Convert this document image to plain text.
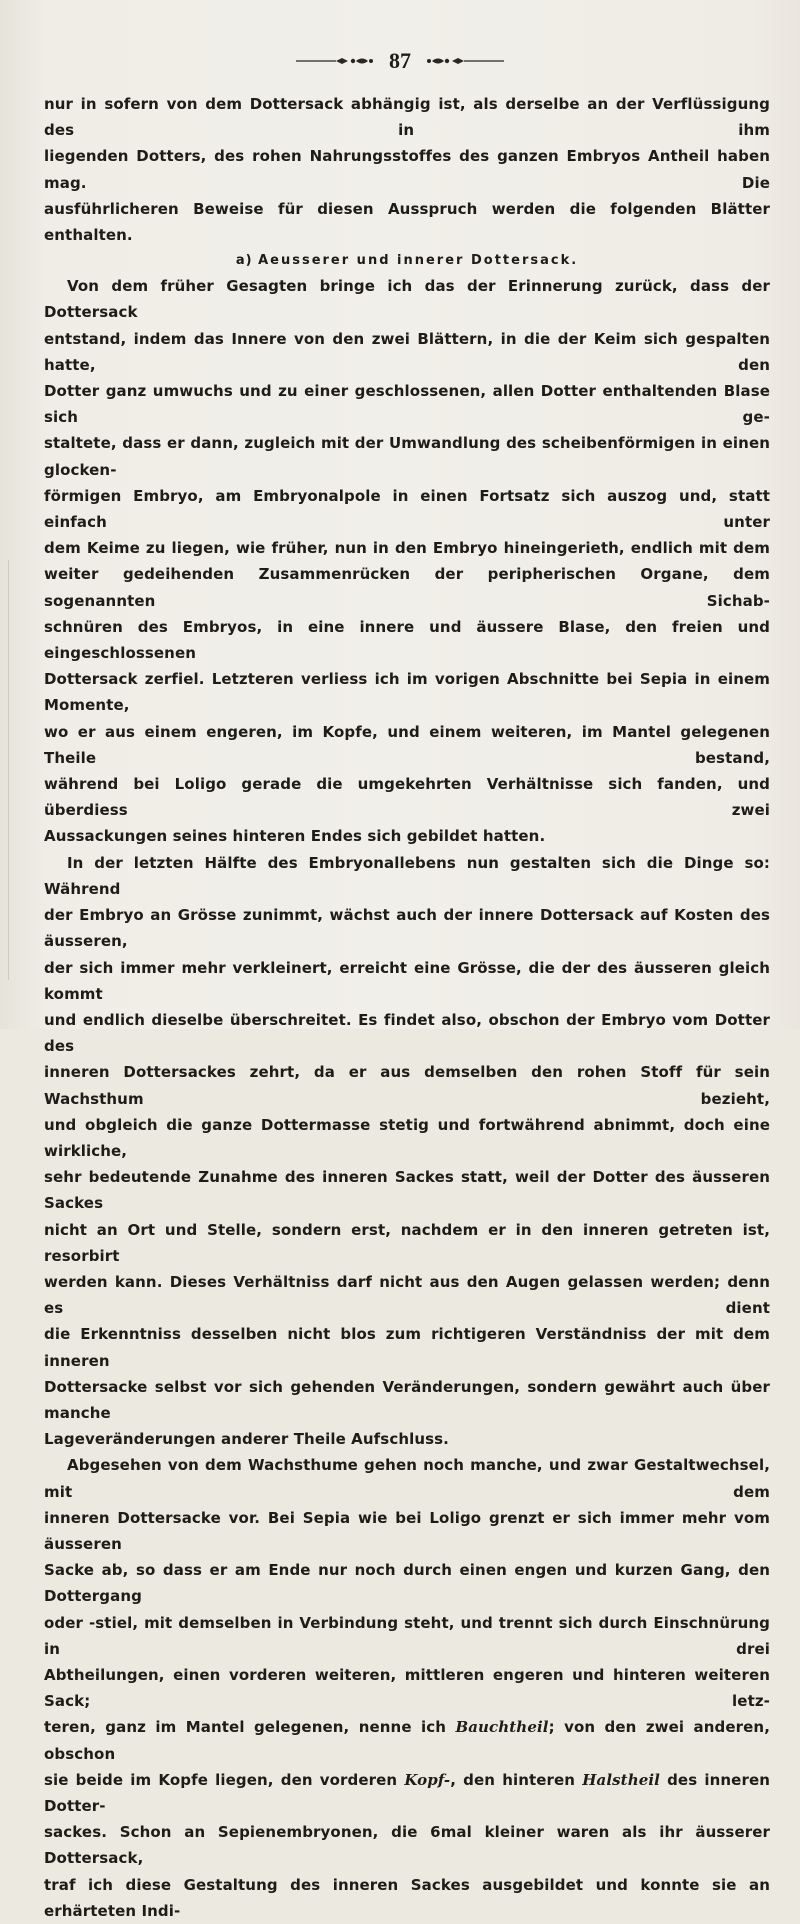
87

nur in sofern von dem Dottersack abhängig ist, als derselbe an der Verflüssigung des in ihm

liegenden Dotters, des rohen Nahrungsstoffes des ganzen Embryos Antheil haben mag. Die

ausführlicheren Beweise für diesen Ausspruch werden die folgenden Blätter enthalten.

a) Aeusserer und innerer Dottersack.

Von dem früher Gesagten bringe ich das der Erinnerung zurück, dass der Dottersack

entstand, indem das Innere von den zwei Blättern, in die der Keim sich gespalten hatte, den

Dotter ganz umwuchs und zu einer geschlossenen, allen Dotter enthaltenden Blase sich ge-

staltete, dass er dann, zugleich mit der Umwandlung des scheibenförmigen in einen glocken-

förmigen Embryo, am Embryonalpole in einen Fortsatz sich auszog und, statt einfach unter

dem Keime zu liegen, wie früher, nun in den Embryo hineingerieth, endlich mit dem

weiter gedeihenden Zusammenrücken der peripherischen Organe, dem sogenannten Sichab-

schnüren des Embryos, in eine innere und äussere Blase, den freien und eingeschlossenen

Dottersack zerfiel. Letzteren verliess ich im vorigen Abschnitte bei Sepia in einem Momente,

wo er aus einem engeren, im Kopfe, und einem weiteren, im Mantel gelegenen Theile bestand,

während bei Loligo gerade die umgekehrten Verhältnisse sich fanden, und überdiess zwei

Aussackungen seines hinteren Endes sich gebildet hatten.

In der letzten Hälfte des Embryonallebens nun gestalten sich die Dinge so: Während

der Embryo an Grösse zunimmt, wächst auch der innere Dottersack auf Kosten des äusseren,

der sich immer mehr verkleinert, erreicht eine Grösse, die der des äusseren gleich kommt

und endlich dieselbe überschreitet. Es findet also, obschon der Embryo vom Dotter des

inneren Dottersackes zehrt, da er aus demselben den rohen Stoff für sein Wachsthum bezieht,

und obgleich die ganze Dottermasse stetig und fortwährend abnimmt, doch eine wirkliche,

sehr bedeutende Zunahme des inneren Sackes statt, weil der Dotter des äusseren Sackes

nicht an Ort und Stelle, sondern erst, nachdem er in den inneren getreten ist, resorbirt

werden kann. Dieses Verhältniss darf nicht aus den Augen gelassen werden; denn es dient

die Erkenntniss desselben nicht blos zum richtigeren Verständniss der mit dem inneren

Dottersacke selbst vor sich gehenden Veränderungen, sondern gewährt auch über manche

Lageveränderungen anderer Theile Aufschluss.

Abgesehen von dem Wachsthume gehen noch manche, und zwar Gestaltwechsel, mit dem

inneren Dottersacke vor. Bei Sepia wie bei Loligo grenzt er sich immer mehr vom äusseren

Sacke ab, so dass er am Ende nur noch durch einen engen und kurzen Gang, den Dottergang

oder -stiel, mit demselben in Verbindung steht, und trennt sich durch Einschnürung in drei

Abtheilungen, einen vorderen weiteren, mittleren engeren und hinteren weiteren Sack; letz-

teren, ganz im Mantel gelegenen, nenne ich Bauchtheil; von den zwei anderen, obschon

sie beide im Kopfe liegen, den vorderen Kopf-, den hinteren Halstheil des inneren Dotter-

sackes. Schon an Sepienembryonen, die 6mal kleiner waren als ihr äusserer Dottersack,

traf ich diese Gestaltung des inneren Sackes ausgebildet und konnte sie an erhärteten Indi-
